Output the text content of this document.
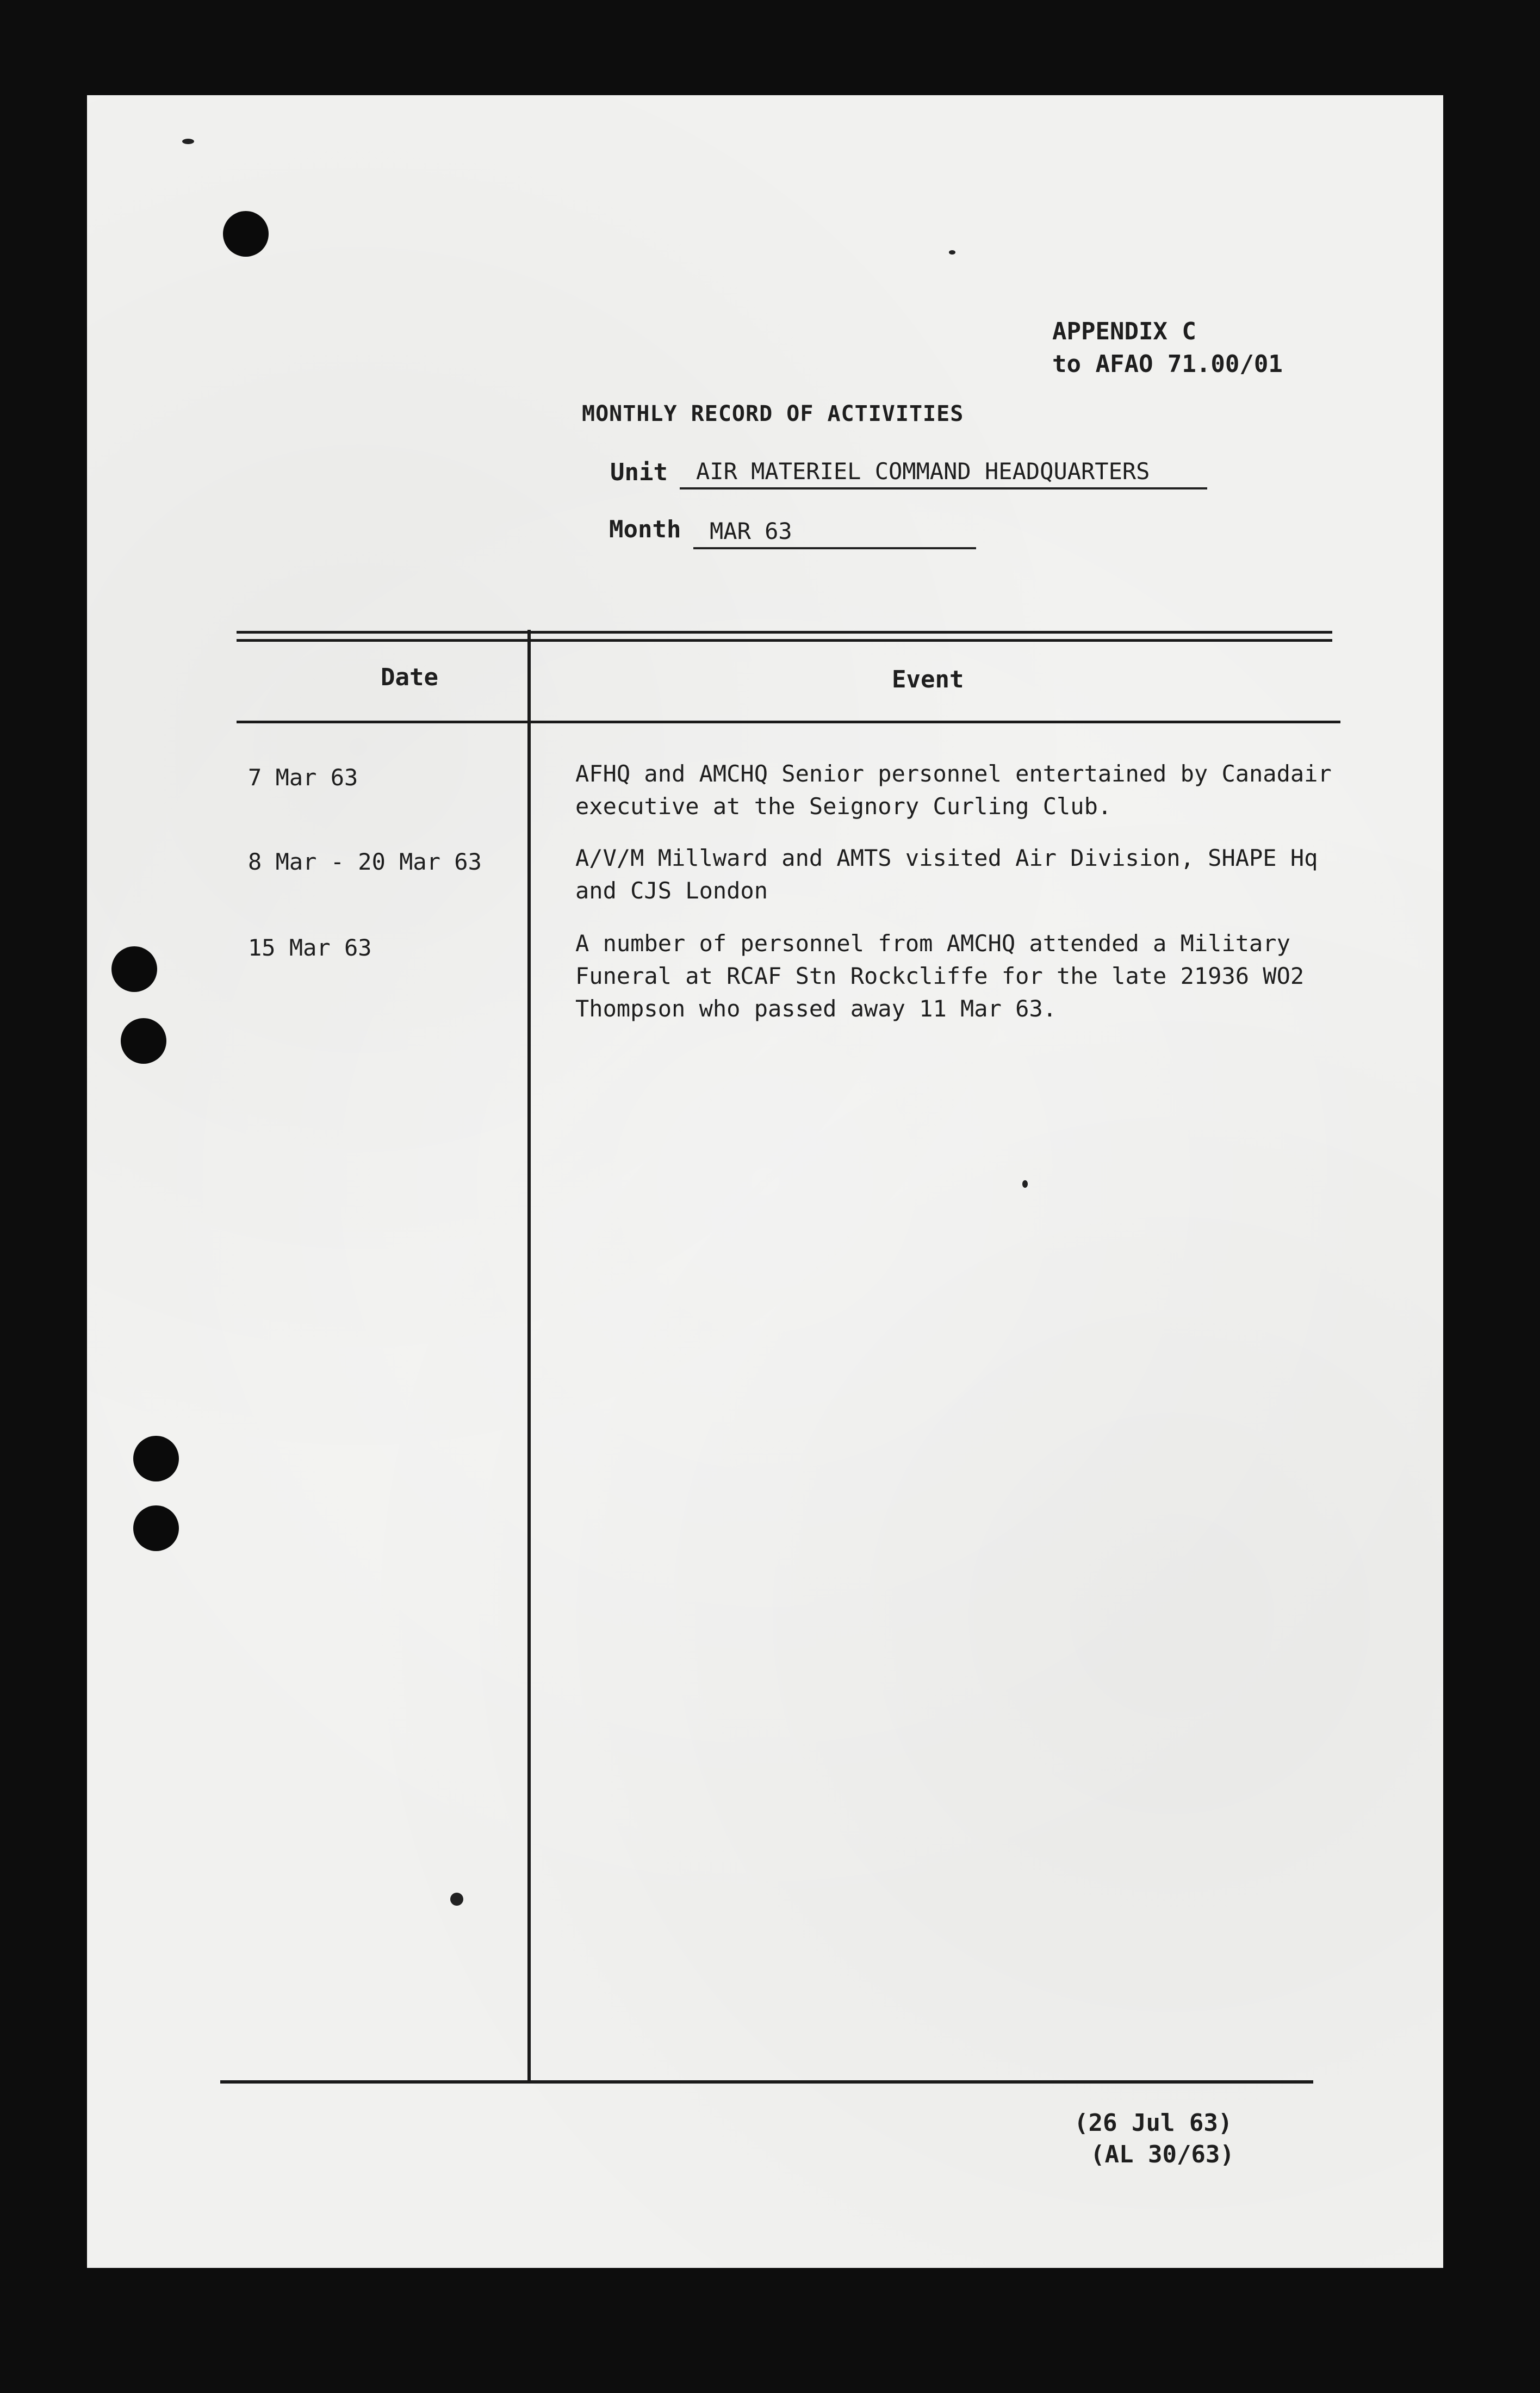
APPENDIX C
to AFAO 71.00/01
MONTHLY RECORD OF ACTIVITIES
Unit	AIR MATERIEL COMMAND HEADQUARTERS
Month	MAR 63
Date	Event
7 Mar 63	AFHQ and AMCHQ Senior personnel entertained by Canadair executive at the Seignory Curling Club.
8 Mar - 20 Mar 63	A/V/M Millward and AMTS visited Air Division, SHAPE Hq and CJS London
15 Mar 63	A number of personnel from AMCHQ attended a Military Funeral at RCAF Stn Rockcliffe for the late 21936 WO2 Thompson who passed away 11 Mar 63.
(26 Jul 63)
(AL 30/63)
